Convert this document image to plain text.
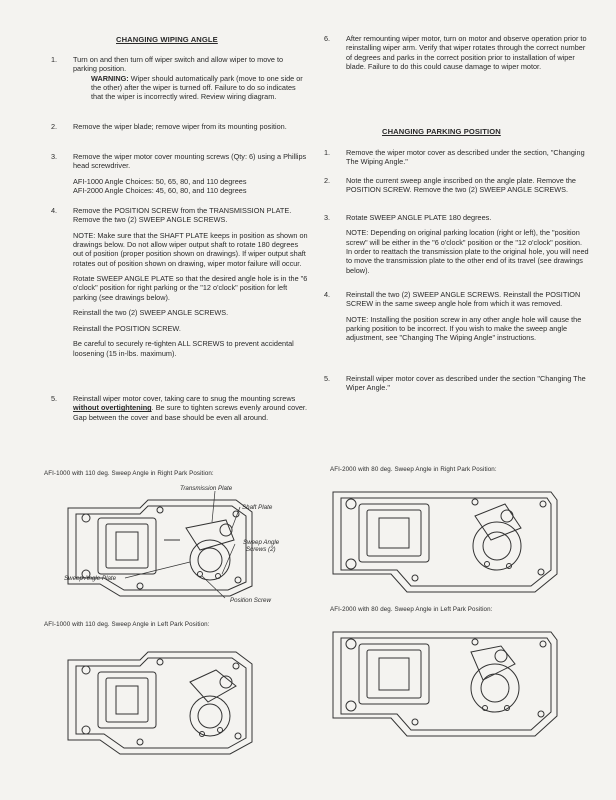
CHANGING WIPING ANGLE
1. Turn on and then turn off wiper switch and allow wiper to move to parking position.
WARNING: Wiper should automatically park (move to one side or the other) after the wiper is turned off. Failure to do so indicates that the wiper is incorrectly wired. Review wiring diagram.
2. Remove the wiper blade; remove wiper from its mounting position.
3. Remove the wiper motor cover mounting screws (Qty: 6) using a Phillips head screwdriver.
AFI-1000 Angle Choices: 50, 65, 80, and 110 degrees
AFI-2000 Angle Choices: 45, 60, 80, and 110 degrees
4. Remove the POSITION SCREW from the TRANSMISSION PLATE. Remove the two (2) SWEEP ANGLE SCREWS.
NOTE: Make sure that the SHAFT PLATE keeps in position as shown on drawings below. Do not allow wiper output shaft to rotate 180 degrees out of position (proper position shown on drawings). If wiper output shaft rotates out of position shown on drawing, wiper motor failure will occur.
Rotate SWEEP ANGLE PLATE so that the desired angle hole is in the "6 o'clock" position for right parking or the "12 o'clock" position for left parking (see drawings below).
Reinstall the two (2) SWEEP ANGLE SCREWS.
Reinstall the POSITION SCREW.
Be careful to securely re-tighten ALL SCREWS to prevent accidental loosening (15 in-lbs. maximum).
5. Reinstall wiper motor cover, taking care to snug the mounting screws without overtightening. Be sure to tighten screws evenly around cover. Gap between the cover and base should be even all around.
6. After remounting wiper motor, turn on motor and observe operation prior to reinstalling wiper arm. Verify that wiper rotates through the correct number of degrees and parks in the correct position prior to installation of wiper blade. Failure to do this could cause damage to wiper motor.
CHANGING PARKING POSITION
1. Remove the wiper motor cover as described under the section, "Changing The Wiping Angle."
2. Note the current sweep angle inscribed on the angle plate. Remove the POSITION SCREW. Remove the two (2) SWEEP ANGLE SCREWS.
3. Rotate SWEEP ANGLE PLATE 180 degrees.
NOTE: Depending on original parking location (right or left), the "position screw" will be either in the "6 o'clock" position or the "12 o'clock" position. In order to reattach the transmission plate to the original hole, you will need to move the transmission plate to the other end of its travel (see drawings below).
4. Reinstall the two (2) SWEEP ANGLE SCREWS. Reinstall the POSITION SCREW in the same sweep angle hole from which it was removed.
NOTE: Installing the position screw in any other angle hole will cause the parking position to be incorrect. If you wish to make the sweep angle adjustment, see "Changing The Wiping Angle" instructions.
5. Reinstall wiper motor cover as described under the section "Changing The Wiper Angle."
AFI-1000 with 110 deg. Sweep Angle in Right Park Position:
AFI-1000 with 110 deg. Sweep Angle in Left Park Position:
AFI-2000 with 80 deg. Sweep Angle in Right Park Position:
AFI-2000 with 80 deg. Sweep Angle in Left Park Position:
Transmission Plate
Shaft Plate
Sweep Angle
Screws (2)
Sweep Angle Plate
Position Screw
